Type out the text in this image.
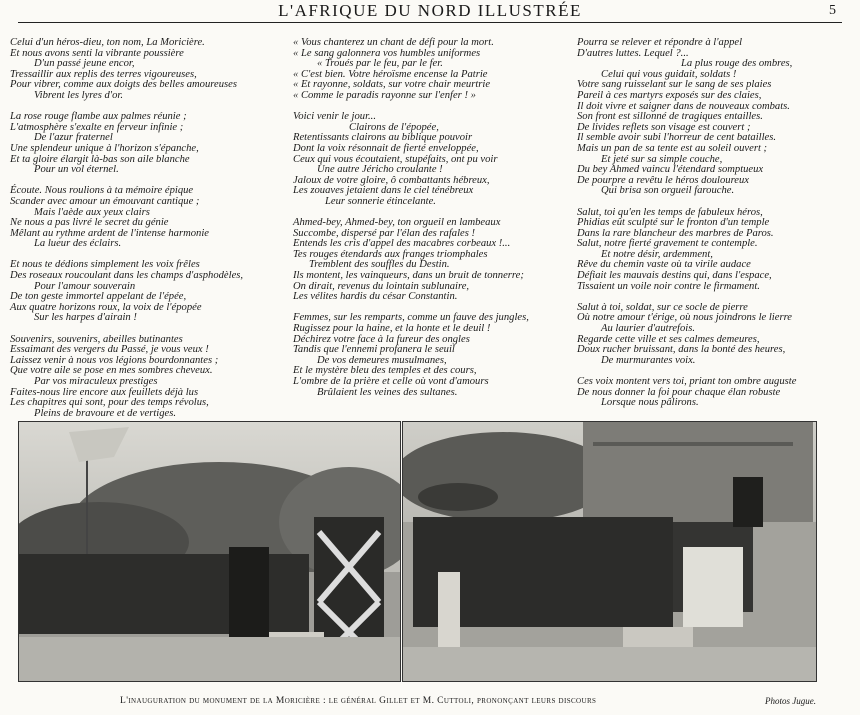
L'AFRIQUE DU NORD ILLUSTRÉE	5
Celui d'un héros-dieu, ton nom, La Moricière.
Et nous avons senti la vibrante poussière
D'un passé jeune encor,
Tressaillir aux replis des terres vigoureuses,
Pour vibrer, comme aux doigts des belles amoureuses
Vibrent les lyres d'or.
La rose rouge flambe aux palmes réunie ;
L'atmosphère s'exalte en ferveur infinie ;
De l'azur fraternel
Une splendeur unique à l'horizon s'épanche,
Et ta gloire élargit là-bas son aile blanche
Pour un vol éternel.
Écoute. Nous roulions à ta mémoire épique
Scander avec amour un émouvant cantique ;
Mais l'aède aux yeux clairs
Ne nous a pas livré le secret du génie
Mêlant au rythme ardent de l'intense harmonie
La lueur des éclairs.
Et nous te dédions simplement les voix frêles
Des roseaux roucoulant dans les champs d'asphodèles,
Pour l'amour souverain
De ton geste immortel appelant de l'épée,
Aux quatre horizons roux, la voix de l'épopée
Sur les harpes d'airain !
Souvenirs, souvenirs, abeilles butinantes
Essaimant des vergers du Passé, je vous veux !
Laissez venir à nous vos légions bourdonnantes ;
Que votre aile se pose en mes sombres cheveux.
Par vos miraculeux prestiges
Faites-nous lire encore aux feuillets déjà lus
Les chapitres qui sont, pour des temps révolus,
Pleins de bravoure et de vertiges.
« Vous chanterez un chant de défi pour la mort.
« Le sang galonnera vos humbles uniformes
« Troués par le feu, par le fer.
« C'est bien. Votre héroïsme encense la Patrie
« Et rayonne, soldats, sur votre chair meurtrie
« Comme le paradis rayonne sur l'enfer ! »
Voici venir le jour...
Clairons de l'épopée,
Retentissants clairons au biblique pouvoir
Dont la voix résonnait de fierté enveloppée,
Ceux qui vous écoutaient, stupéfaits, ont pu voir
Une autre Jéricho croulante !
Jaloux de votre gloire, ô combattants hébreux,
Les zouaves jetaient dans le ciel ténébreux
Leur sonnerie étincelante.
Ahmed-bey, Ahmed-bey, ton orgueil en lambeaux
Succombe, dispersé par l'élan des rafales !
Entends les cris d'appel des macabres corbeaux !...
Tes rouges étendards aux franges triomphales
Tremblent des souffles du Destin.
Ils montent, les vainqueurs, dans un bruit de tonnerre;
On dirait, revenus du lointain sublunaire,
Les vélites hardis du césar Constantin.
Femmes, sur les remparts, comme un fauve des jungles,
Rugissez pour la haine, et la honte et le deuil !
Déchirez votre face à la fureur des ongles
Tandis que l'ennemi profanera le seuil
De vos demeures musulmanes,
Et le mystère bleu des temples et des cours,
L'ombre de la prière et celle où vont d'amours
Brûlaient les veines des sultanes.
Pourra se relever et répondre à l'appel
D'autres luttes. Lequel ?...
La plus rouge des ombres,
Celui qui vous guidait, soldats !
Votre sang ruisselant sur le sang de ses plaies
Pareil à ces martyrs exposés sur des claies,
Il doit vivre et saigner dans de nouveaux combats.
Son front est sillonné de tragiques entailles.
De livides reflets son visage est couvert ;
Il semble avoir subi l'horreur de cent batailles.
Mais un pan de sa tente est au soleil ouvert ;
Et jeté sur sa simple couche,
Du bey Ahmed vaincu l'étendard somptueux
De pourpre a revêtu le héros douloureux
Qui brisa son orgueil farouche.
Salut, toi qu'en les temps de fabuleux héros,
Phidias eût sculpté sur le fronton d'un temple
Dans la rare blancheur des marbres de Paros.
Salut, notre fierté gravement te contemple.
Et notre désir, ardemment,
Rêve du chemin vaste où ta virile audace
Défiait les mauvais destins qui, dans l'espace,
Tissaient un voile noir contre le firmament.
Salut à toi, soldat, sur ce socle de pierre
Où notre amour t'érige, où nous joindrons le lierre
Au laurier d'autrefois.
Regarde cette ville et ses calmes demeures,
Doux rucher bruissant, dans la bonté des heures,
De murmurantes voix.
Ces voix montent vers toi, priant ton ombre auguste
De nous donner la foi pour chaque élan robuste
Lorsque nous pâlirons.
L'inauguration du monument de la Moricière : le général Gillet et M. Cuttoli, prononçant leurs discours	Photos Jugue.
